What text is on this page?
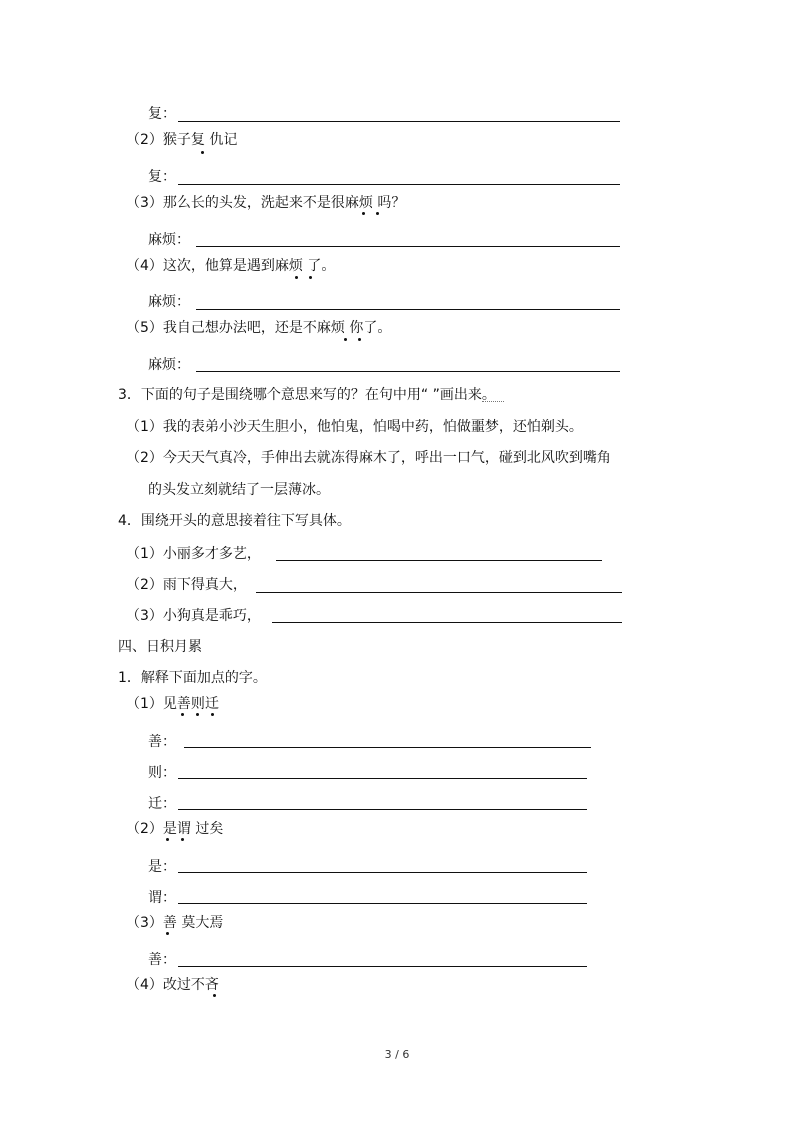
复：
（2）猴子复 仇记
复：
（3）那么长的头发，洗起来不是很麻烦 吗？
麻烦：
（4）这次，他算是遇到麻烦 了。
麻烦：
（5）我自己想办法吧，还是不麻烦 你了。
麻烦：
3．下面的句子是围绕哪个意思来写的？在句中用“ ”画出来。
（1）我的表弟小沙天生胆小，他怕鬼，怕喝中药，怕做噩梦，还怕剃头。
（2）今天天气真冷，手伸出去就冻得麻木了，呼出一口气，碰到北风吹到嘴角
的头发立刻就结了一层薄冰。
4．围绕开头的意思接着往下写具体。
（1）小丽多才多艺，
（2）雨下得真大，
（3）小狗真是乖巧，
四、日积月累
1．解释下面加点的字。
（1）见善则迁
善：
则：
迁：
（2）是谓 过矣
是：
谓：
（3）善 莫大焉
善：
（4）改过不吝
3 / 6
